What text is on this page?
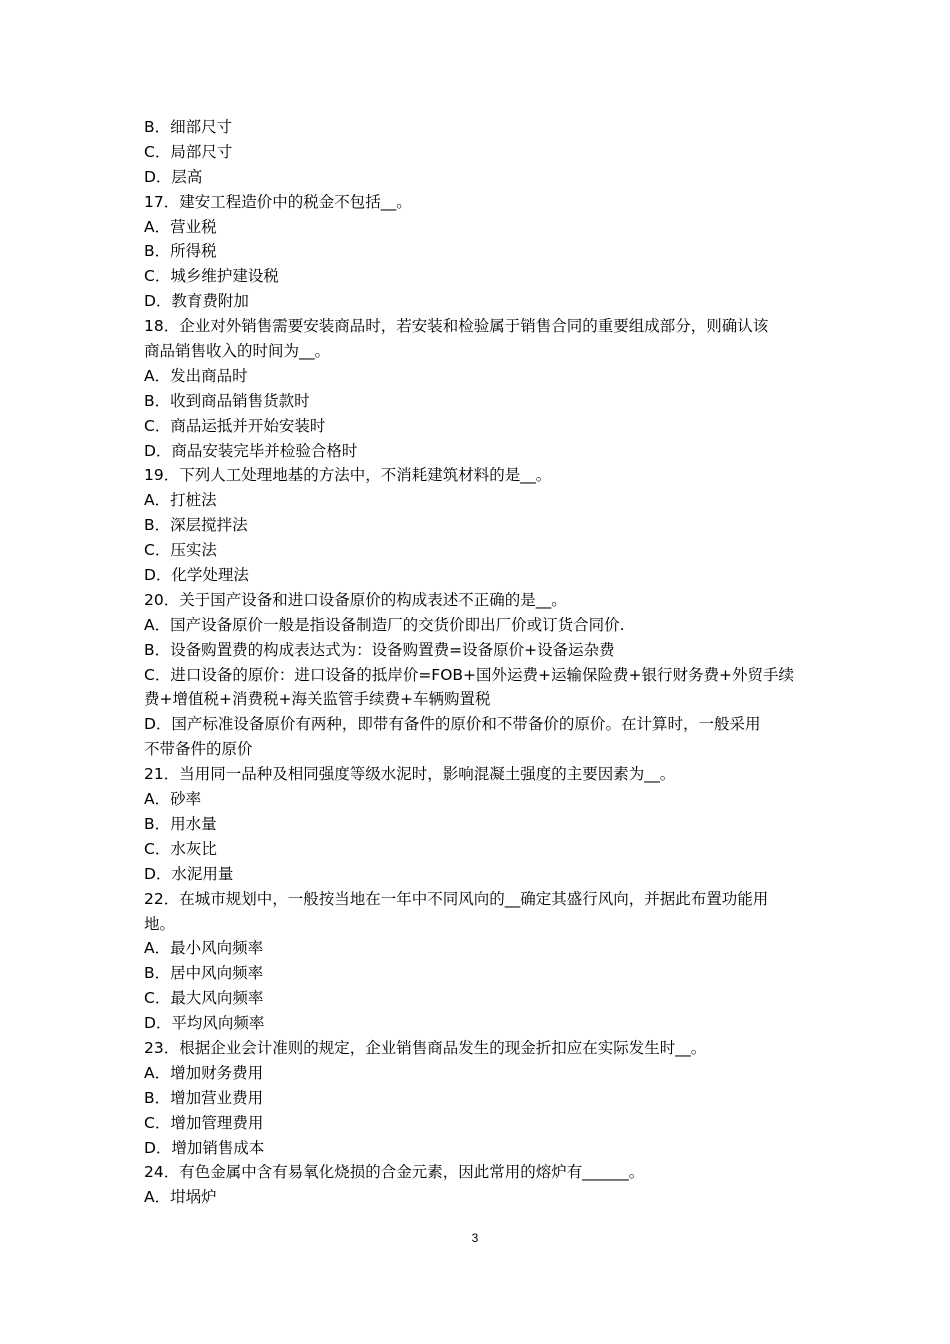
B．细部尺寸
C．局部尺寸
D．层高
17．建安工程造价中的税金不包括__。
A．营业税
B．所得税
C．城乡维护建设税
D．教育费附加
18．企业对外销售需要安装商品时，若安装和检验属于销售合同的重要组成部分，则确认该
商品销售收入的时间为__。
A．发出商品时
B．收到商品销售货款时
C．商品运抵并开始安装时
D．商品安装完毕并检验合格时
19．下列人工处理地基的方法中，不消耗建筑材料的是__。
A．打桩法
B．深层搅拌法
C．压实法
D．化学处理法
20．关于国产设备和进口设备原价的构成表述不正确的是__。
A．国产设备原价一般是指设备制造厂的交货价即出厂价或订货合同价.
B．设备购置费的构成表达式为：设备购置费=设备原价+设备运杂费
C．进口设备的原价：进口设备的抵岸价=FOB+国外运费+运输保险费+银行财务费+外贸手续
费+增值税+消费税+海关监管手续费+车辆购置税
D．国产标准设备原价有两种，即带有备件的原价和不带备价的原价。在计算时，一般采用
不带备件的原价
21．当用同一品种及相同强度等级水泥时，影响混凝土强度的主要因素为__。
A．砂率
B．用水量
C．水灰比
D．水泥用量
22．在城市规划中，一般按当地在一年中不同风向的__确定其盛行风向，并据此布置功能用
地。
A．最小风向频率
B．居中风向频率
C．最大风向频率
D．平均风向频率
23．根据企业会计准则的规定，企业销售商品发生的现金折扣应在实际发生时__。
A．增加财务费用
B．增加营业费用
C．增加管理费用
D．增加销售成本
24．有色金属中含有易氧化烧损的合金元素，因此常用的熔炉有______。
A．坩埚炉
3
